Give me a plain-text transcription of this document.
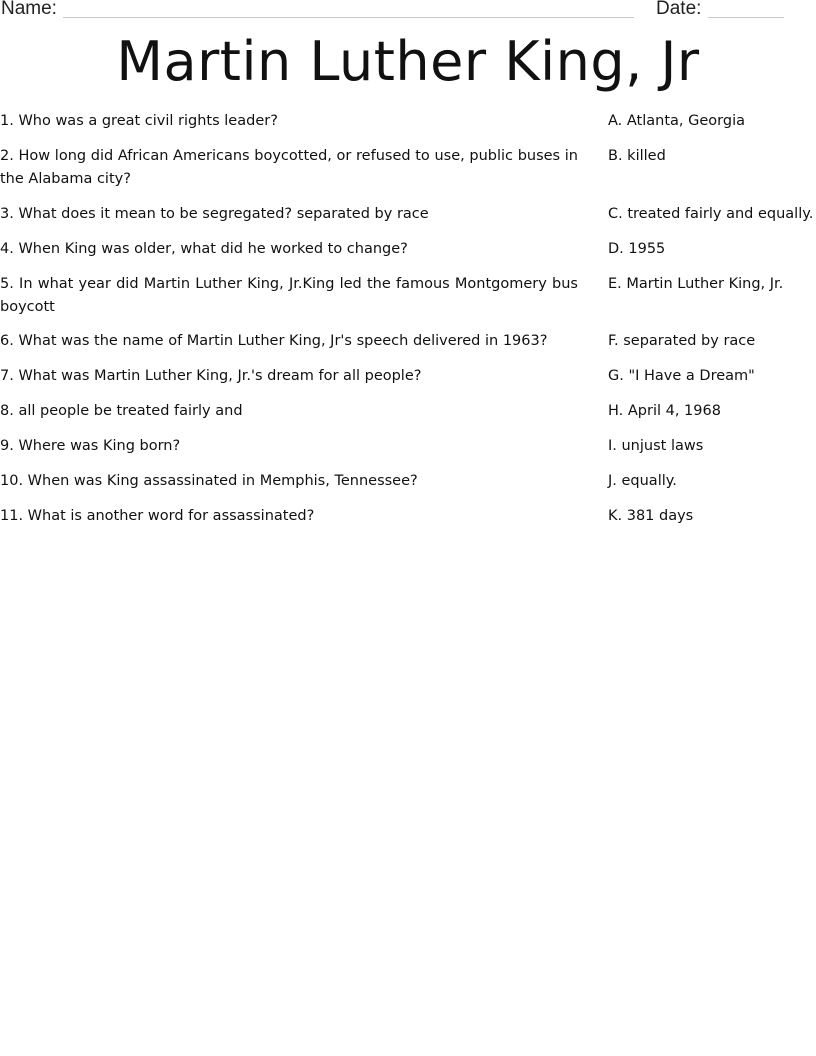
Name:	Date:
Martin Luther King, Jr
1. Who was a great civil rights leader?
2. How long did African Americans boycotted, or refused to use, public buses in the Alabama city?
3. What does it mean to be segregated? separated by race
4. When King was older, what did he worked to change?
5. In what year did Martin Luther King, Jr.King led the famous Montgomery bus boycott
6. What was the name of Martin Luther King, Jr's speech delivered in 1963?
7. What was Martin Luther King, Jr.'s dream for all people?
8. all people be treated fairly and
9. Where was King born?
10. When was King assassinated in Memphis, Tennessee?
11. What is another word for assassinated?
A. Atlanta, Georgia
B. killed
C. treated fairly and equally.
D. 1955
E. Martin Luther King, Jr.
F. separated by race
G. "I Have a Dream"
H. April 4, 1968
I. unjust laws
J. equally.
K. 381 days
